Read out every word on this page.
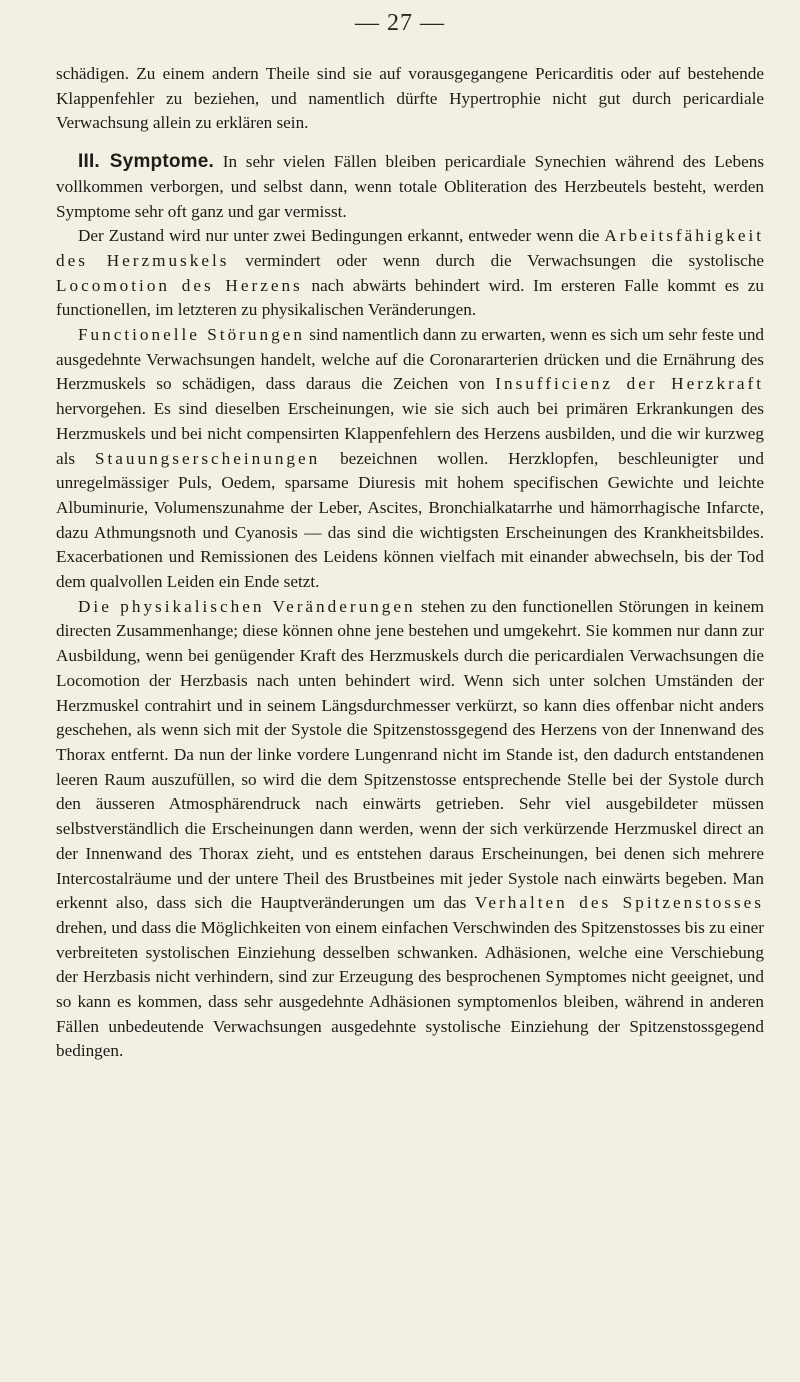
— 27 —

schädigen. Zu einem andern Theile sind sie auf vorausgegangene Pericarditis oder auf bestehende Klappenfehler zu beziehen, und namentlich dürfte Hypertrophie nicht gut durch pericardiale Verwachsung allein zu erklären sein.

III. Symptome. In sehr vielen Fällen bleiben pericardiale Synechien während des Lebens vollkommen verborgen, und selbst dann, wenn totale Obliteration des Herzbeutels besteht, werden Symptome sehr oft ganz und gar vermisst.

Der Zustand wird nur unter zwei Bedingungen erkannt, entweder wenn die Arbeitsfähigkeit des Herzmuskels vermindert oder wenn durch die Verwachsungen die systolische Locomotion des Herzens nach abwärts behindert wird. Im ersteren Falle kommt es zu functionellen, im letzteren zu physikalischen Veränderungen.

Functionelle Störungen sind namentlich dann zu erwarten, wenn es sich um sehr feste und ausgedehnte Verwachsungen handelt, welche auf die Coronararterien drücken und die Ernährung des Herzmuskels so schädigen, dass daraus die Zeichen von Insufficienz der Herzkraft hervorgehen. Es sind dieselben Erscheinungen, wie sie sich auch bei primären Erkrankungen des Herzmuskels und bei nicht compensirten Klappenfehlern des Herzens ausbilden, und die wir kurzweg als Stauungserscheinungen bezeichnen wollen. Herzklopfen, beschleunigter und unregelmässiger Puls, Oedem, sparsame Diuresis mit hohem specifischen Gewichte und leichte Albuminurie, Volumenszunahme der Leber, Ascites, Bronchialkatarrhe und hämorrhagische Infarcte, dazu Athmungsnoth und Cyanosis — das sind die wichtigsten Erscheinungen des Krankheitsbildes. Exacerbationen und Remissionen des Leidens können vielfach mit einander abwechseln, bis der Tod dem qualvollen Leiden ein Ende setzt.

Die physikalischen Veränderungen stehen zu den functionellen Störungen in keinem directen Zusammenhange; diese können ohne jene bestehen und umgekehrt. Sie kommen nur dann zur Ausbildung, wenn bei genügender Kraft des Herzmuskels durch die pericardialen Verwachsungen die Locomotion der Herzbasis nach unten behindert wird. Wenn sich unter solchen Umständen der Herzmuskel contrahirt und in seinem Längsdurchmesser verkürzt, so kann dies offenbar nicht anders geschehen, als wenn sich mit der Systole die Spitzenstossgegend des Herzens von der Innenwand des Thorax entfernt. Da nun der linke vordere Lungenrand nicht im Stande ist, den dadurch entstandenen leeren Raum auszufüllen, so wird die dem Spitzenstosse entsprechende Stelle bei der Systole durch den äusseren Atmosphärendruck nach einwärts getrieben. Sehr viel ausgebildeter müssen selbstverständlich die Erscheinungen dann werden, wenn der sich verkürzende Herzmuskel direct an der Innenwand des Thorax zieht, und es entstehen daraus Erscheinungen, bei denen sich mehrere Intercostalräume und der untere Theil des Brustbeines mit jeder Systole nach einwärts begeben. Man erkennt also, dass sich die Hauptveränderungen um das Verhalten des Spitzenstosses drehen, und dass die Möglichkeiten von einem einfachen Verschwinden des Spitzenstosses bis zu einer verbreiteten systolischen Einziehung desselben schwanken. Adhäsionen, welche eine Verschiebung der Herzbasis nicht verhindern, sind zur Erzeugung des besprochenen Symptomes nicht geeignet, und so kann es kommen, dass sehr ausgedehnte Adhäsionen symptomenlos bleiben, während in anderen Fällen unbedeutende Verwachsungen ausgedehnte systolische Einziehung der Spitzenstossgegend bedingen.
